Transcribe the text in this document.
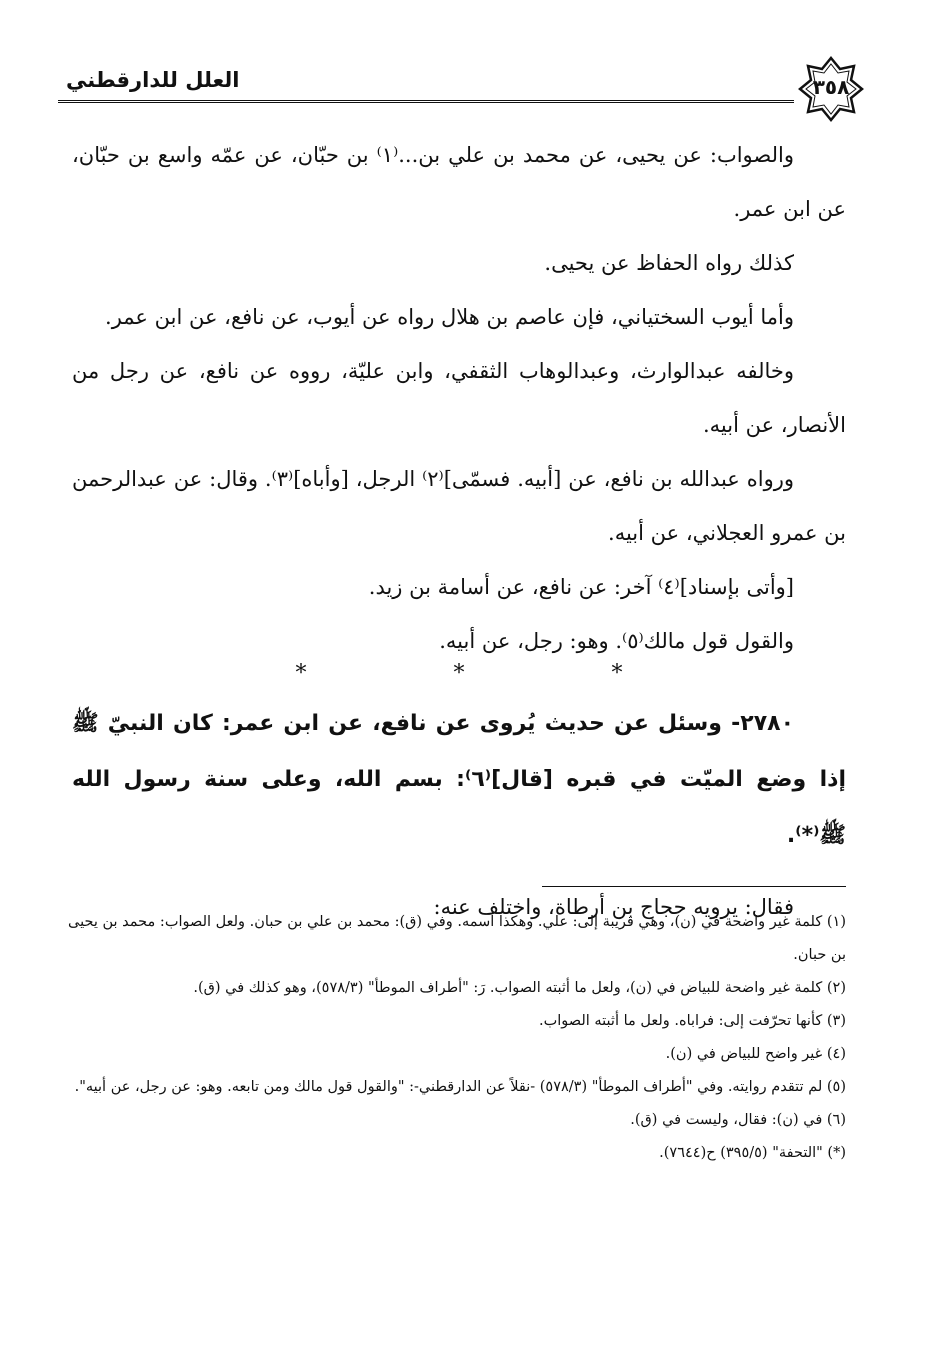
العلل للدارقطني	٣٥٨

والصواب: عن يحيى، عن محمد بن علي بن...⁽١⁾ بن حبّان، عن عمّه واسع بن حبّان، عن ابن عمر.

كذلك رواه الحفاظ عن يحيى.

وأما أيوب السختياني، فإن عاصم بن هلال رواه عن أيوب، عن نافع، عن ابن عمر.

وخالفه عبدالوارث، وعبدالوهاب الثقفي، وابن عليّة، رووه عن نافع، عن رجل من الأنصار، عن أبيه.

ورواه عبدالله بن نافع، عن [أبيه. فسمّى]⁽٢⁾ الرجل، [وأباه]⁽٣⁾. وقال: عن عبدالرحمن بن عمرو العجلاني، عن أبيه.

[وأتى بإسناد]⁽٤⁾ آخر: عن نافع، عن أسامة بن زيد.

والقول قول مالك⁽٥⁾. وهو: رجل، عن أبيه.

* * *

٢٧٨٠- وسئل عن حديث يُروى عن نافع، عن ابن عمر: كان النبيّ ﷺ إذا وضع الميّت في قبره [قال]⁽٦⁾: بسم الله، وعلى سنة رسول الله ﷺ⁽*⁾.

فقال: يرويه حجاج بن أرطاة، واختلف عنه:

(١) كلمة غير واضحة في (ن)، وهي قريبة إلى: علي. وهكذا اسمه. وفي (ق): محمد بن علي بن حبان. ولعل الصواب: محمد بن يحيى بن حبان.

(٢) كلمة غير واضحة للبياض في (ن)، ولعل ما أثبته الصواب. رَ: "أطراف الموطأ" (٥٧٨/٣)، وهو كذلك في (ق).

(٣) كأنها تحرّفت إلى: فراباه. ولعل ما أثبته الصواب.

(٤) غير واضح للبياض في (ن).

(٥) لم تتقدم روايته. وفي "أطراف الموطأ" (٥٧٨/٣) -نقلاً عن الدارقطني-: "والقول قول مالك ومن تابعه. وهو: عن رجل، عن أبيه".

(٦) في (ن): فقال، وليست في (ق).

(*) "التحفة" (٣٩٥/٥) ح(٧٦٤٤).
